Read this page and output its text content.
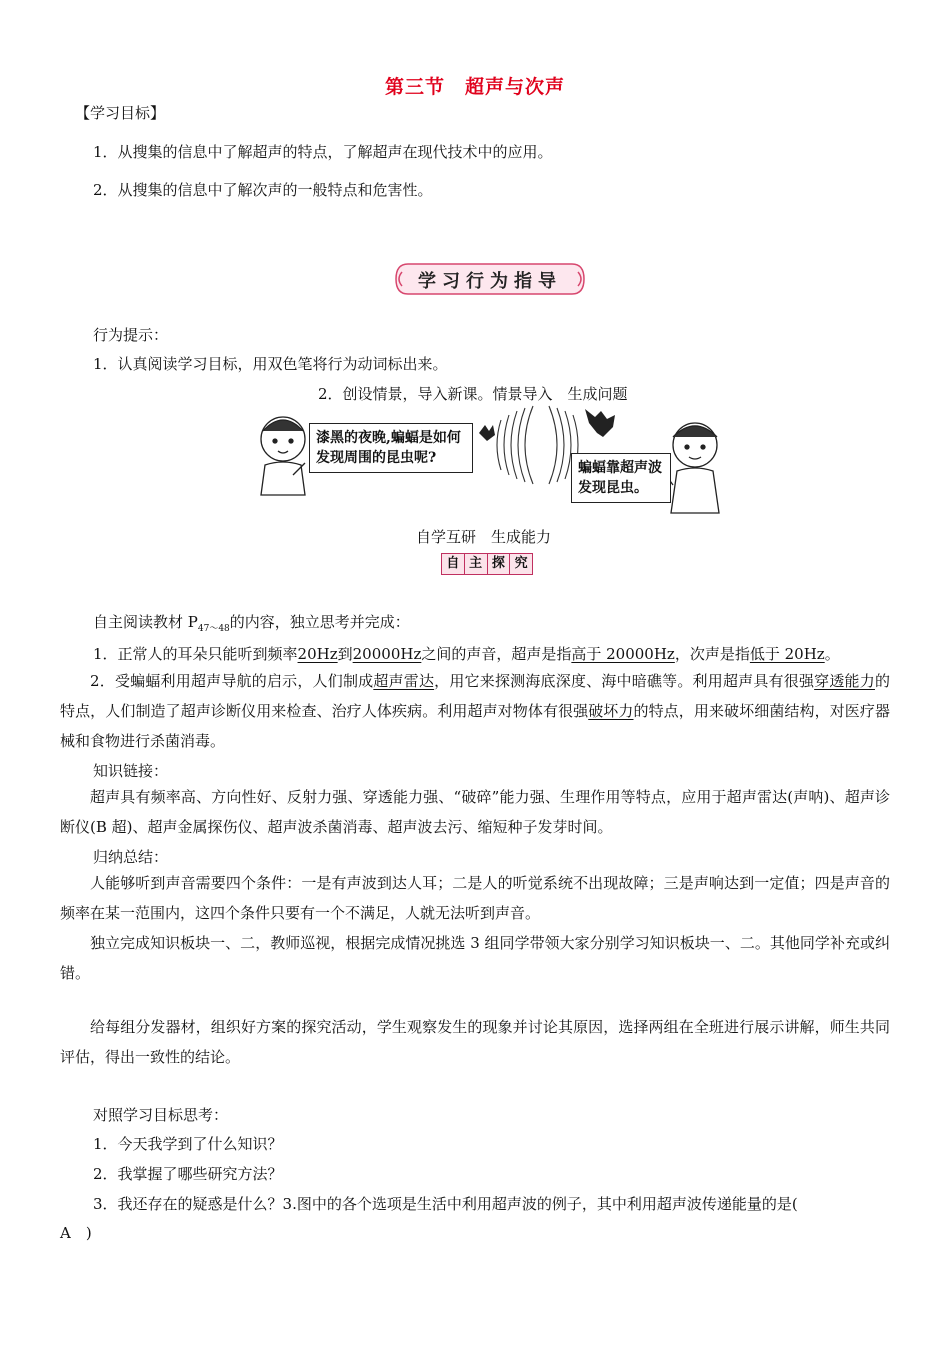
第三节　超声与次声
【学习目标】
1．从搜集的信息中了解超声的特点，了解超声在现代技术中的应用。
2．从搜集的信息中了解次声的一般特点和危害性。
学习行为指导
行为提示：
1．认真阅读学习目标，用双色笔将行为动词标出来。
2．创设情景，导入新课。情景导入　生成问题
漆黑的夜晚,蝙蝠是如何发现周围的昆虫呢?
蝙蝠靠超声波发现昆虫。
自学互研　生成能力
自 主 探 究
自主阅读教材 $P_{47\sim 48}$的内容，独立思考并完成：
1．正常人的耳朵只能听到频率20Hz到20000Hz之间的声音，超声是指高于 20000Hz，次声是指低于 20Hz。
2．受蝙蝠利用超声导航的启示，人们制成超声雷达，用它来探测海底深度、海中暗礁等。利用超声具有很强穿透能力的特点，人们制造了超声诊断仪用来检查、治疗人体疾病。利用超声对物体有很强破坏力的特点，用来破坏细菌结构，对医疗器械和食物进行杀菌消毒。
知识链接：
超声具有频率高、方向性好、反射力强、穿透能力强、“破碎”能力强、生理作用等特点，应用于超声雷达(声呐)、超声诊断仪(B 超)、超声金属探伤仪、超声波杀菌消毒、超声波去污、缩短种子发芽时间。
归纳总结：
人能够听到声音需要四个条件：一是有声波到达人耳；二是人的听觉系统不出现故障；三是声响达到一定值；四是声音的频率在某一范围内，这四个条件只要有一个不满足，人就无法听到声音。
独立完成知识板块一、二，教师巡视，根据完成情况挑选 3 组同学带领大家分别学习知识板块一、二。其他同学补充或纠错。
给每组分发器材，组织好方案的探究活动，学生观察发生的现象并讨论其原因，选择两组在全班进行展示讲解，师生共同评估，得出一致性的结论。
对照学习目标思考：
1．今天我学到了什么知识？
2．我掌握了哪些研究方法？
3．我还存在的疑惑是什么？3.图中的各个选项是生活中利用超声波的例子，其中利用超声波传递能量的是(
A　)
